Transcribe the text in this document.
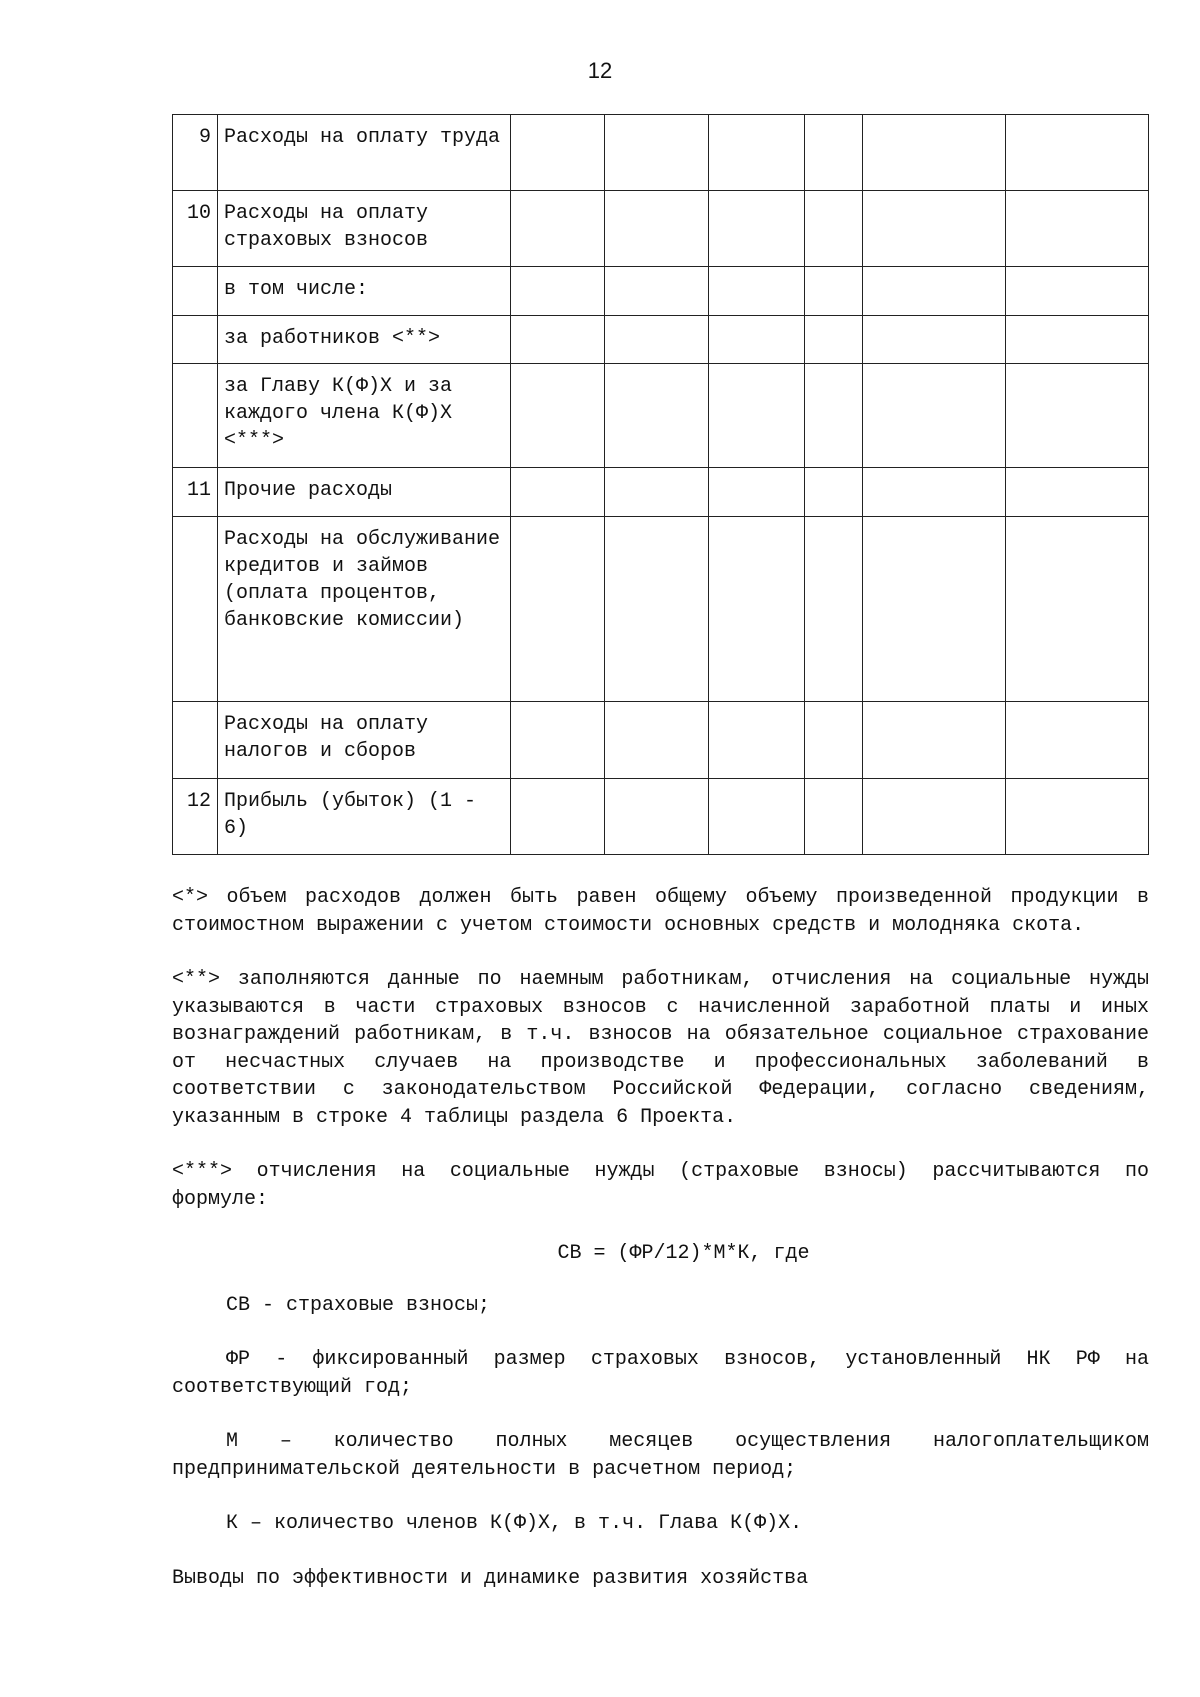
12
9	Расходы на оплату труда						
10	Расходы на оплату страховых взносов						
	в том числе:						
	за работников <**>						
	за Главу К(Ф)Х и за каждого члена К(Ф)Х <***>						
11	Прочие расходы						
	Расходы на обслуживание кредитов и займов (оплата процентов, банковские комиссии)						
	Расходы на оплату налогов и сборов						
12	Прибыль (убыток) (1 - 6)						

<*> объем расходов должен быть равен общему объему произведенной продукции в стоимостном выражении с учетом стоимости основных средств и молодняка скота.

<**> заполняются данные по наемным работникам, отчисления на социальные нужды указываются в части страховых взносов с начисленной заработной платы и иных вознаграждений работникам, в т.ч. взносов на обязательное социальное страхование от несчастных случаев на производстве и профессиональных заболеваний в соответствии с законодательством Российской Федерации, согласно сведениям, указанным в строке 4 таблицы раздела 6 Проекта.

<***> отчисления на социальные нужды (страховые взносы) рассчитываются по формуле:

СВ = (ФР/12)*М*К, где

СВ - страховые взносы;

ФР - фиксированный размер страховых взносов, установленный НК РФ на соответствующий год;

М – количество полных месяцев осуществления налогоплательщиком предпринимательской деятельности в расчетном период;

К – количество членов К(Ф)Х, в т.ч. Глава К(Ф)Х.

Выводы по эффективности и динамике развития хозяйства
